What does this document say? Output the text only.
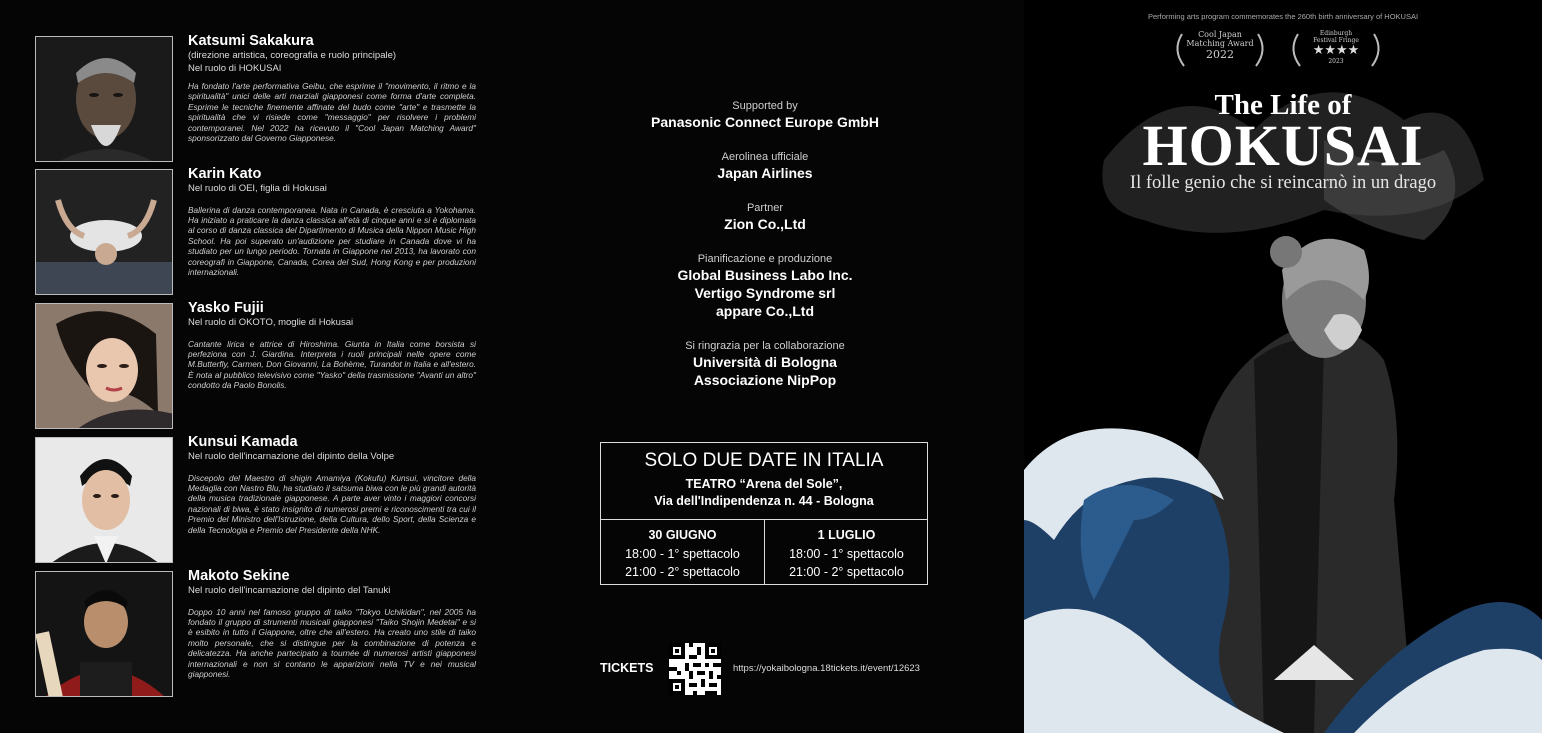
Katsumi Sakakura
(direzione artistica, coreografia e ruolo principale)
Nel ruolo di HOKUSAI
Ha fondato l'arte performativa Geibu, che esprime il "movimento, il ritmo e la spiritualità" unici delle arti marziali giapponesi come forma d'arte completa. Esprime le tecniche finemente affinate del budo come "arte" e trasmette la spiritualità che vi risiede come "messaggio" per risolvere i problemi contemporanei. Nel 2022 ha ricevuto il "Cool Japan Matching Award" sponsorizzato dal Governo Giapponese.
Karin Kato
Nel ruolo di OEI, figlia di Hokusai
Ballerina di danza contemporanea. Nata in Canada, è cresciuta a Yokohama. Ha iniziato a praticare la danza classica all'età di cinque anni e si è diplomata al corso di danza classica del Dipartimento di Musica della Nippon Music High School. Ha poi superato un'audizione per studiare in Canada dove vi ha studiato per un lungo periodo. Tornata in Giappone nel 2013, ha lavorato con coreografi in Giappone, Canada, Corea del Sud, Hong Kong e per produzioni internazionali.
Yasko Fujii
Nel ruolo di OKOTO, moglie di Hokusai
Cantante lirica e attrice di Hiroshima. Giunta in Italia come borsista si perfeziona con J. Giardina. Interpreta i ruoli principali nelle opere come M.Butterfly, Carmen, Don Giovanni, La Bohème, Turandot in Italia e all'estero. È nota al pubblico televisivo come "Yasko" della trasmissione "Avanti un altro" condotto da Paolo Bonolis.
Kunsui Kamada
Nel ruolo dell'incarnazione del dipinto della Volpe
Discepolo del Maestro di shigin Amamiya (Kokufu) Kunsui, vincitore della Medaglia con Nastro Blu, ha studiato il satsuma biwa con le più grandi autorità della musica tradizionale giapponese. A parte aver vinto i maggiori concorsi nazionali di biwa, è stato insignito di numerosi premi e riconoscimenti tra cui il Premio del Ministro dell'Istruzione, della Cultura, dello Sport, della Scienza e della Tecnologia e Premio del Presidente della NHK.
Makoto Sekine
Nel ruolo dell'incarnazione del dipinto del Tanuki
Doppo 10 anni nel famoso gruppo di taiko "Tokyo Uchikidan", nel 2005 ha fondato il gruppo di strumenti musicali giapponesi "Taiko Shojin Medetai" e si è esibito in tutto il Giappone, oltre che all'estero. Ha creato uno stile di taiko molto personale, che si distingue per la combinazione di potenza e delicatezza. Ha anche partecipato a tournée di numerosi artisti giapponesi internazionali e non si contano le apparizioni nella TV e nei musical giapponesi.
Supported by
Panasonic Connect Europe GmbH
Aerolinea ufficiale
Japan Airlines
Partner
Zion Co.,Ltd
Pianificazione e produzione
Global Business Labo Inc.
Vertigo Syndrome srl
appare Co.,Ltd
Si ringrazia per la collaborazione
Università di Bologna
Associazione NipPop
SOLO DUE DATE IN ITALIA
TEATRO “Arena del Sole”,
Via dell'Indipendenza n. 44 - Bologna
30 GIUGNO
18:00 - 1° spettacolo
21:00 - 2° spettacolo
1 LUGLIO
18:00 - 1° spettacolo
21:00 - 2° spettacolo
TICKETS	https://yokaibologna.18tickets.it/event/12623
Performing arts program commemorates the 260th birth anniversary of HOKUSAI
Cool Japan
Matching Award
2022
Edinburgh
Festival Fringe
★★★★
2023
The Life of
HOKUSAI
Il folle genio che si reincarnò in un drago
